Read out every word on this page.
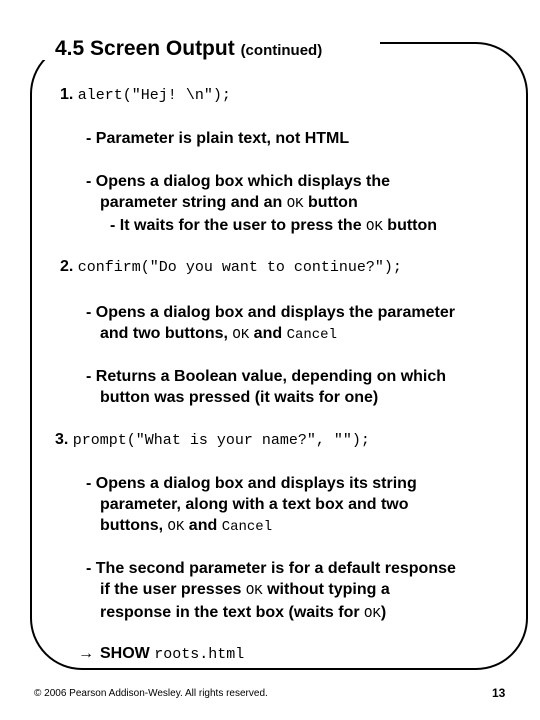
4.5 Screen Output (continued)
1. alert("Hej! \n");
- Parameter is plain text, not HTML
- Opens a dialog box which displays the
parameter string and an OK button
- It waits for the user to press the OK button
2. confirm("Do you want to continue?");
- Opens a dialog box and displays the parameter
and two buttons, OK and Cancel
- Returns a Boolean value, depending on which
button was pressed (it waits for one)
3. prompt("What is your name?", "");
- Opens a dialog box and displays its string
parameter, along with a text box and two
buttons, OK and Cancel
- The second parameter is for a default response
if the user presses OK without typing a
response in the text box (waits for OK)
→ SHOW roots.html
© 2006 Pearson Addison-Wesley. All rights reserved.	13
